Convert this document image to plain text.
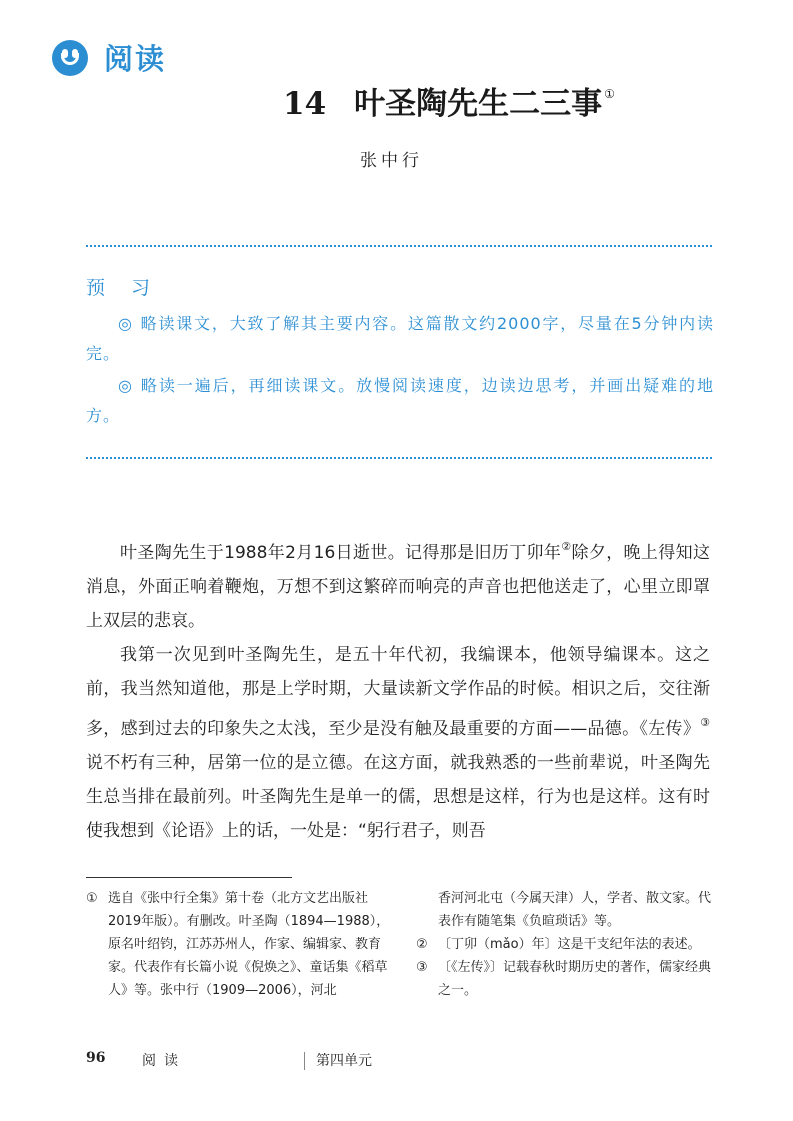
阅读
14 叶圣陶先生二三事 ①
张中行
预 习
◎ 略读课文，大致了解其主要内容。这篇散文约2000字，尽量在5分钟内读完。
◎ 略读一遍后，再细读课文。放慢阅读速度，边读边思考，并画出疑难的地方。

叶圣陶先生于1988年2月16日逝世。记得那是旧历丁卯年②除夕，晚上得知这消息，外面正响着鞭炮，万想不到这繁碎而响亮的声音也把他送走了，心里立即罩上双层的悲哀。

我第一次见到叶圣陶先生，是五十年代初，我编课本，他领导编课本。这之前，我当然知道他，那是上学时期，大量读新文学作品的时候。相识之后，交往渐多，感到过去的印象失之太浅，至少是没有触及最重要的方面——品德。《左传》③说不朽有三种，居第一位的是立德。在这方面，就我熟悉的一些前辈说，叶圣陶先生总当排在最前列。叶圣陶先生是单一的儒，思想是这样，行为也是这样。这有时使我想到《论语》上的话，一处是：“躬行君子，则吾

① 选自《张中行全集》第十卷（北方文艺出版社2019年版）。有删改。叶圣陶（1894—1988），原名叶绍钧，江苏苏州人，作家、编辑家、教育家。代表作有长篇小说《倪焕之》、童话集《稻草人》等。张中行（1909—2006），河北
香河河北屯（今属天津）人，学者、散文家。代表作有随笔集《负暄琐话》等。
② 〔丁卯（mǎo）年〕这是干支纪年法的表述。
③ 〔《左传》〕记载春秋时期历史的著作，儒家经典之一。
96	阅读	第四单元
